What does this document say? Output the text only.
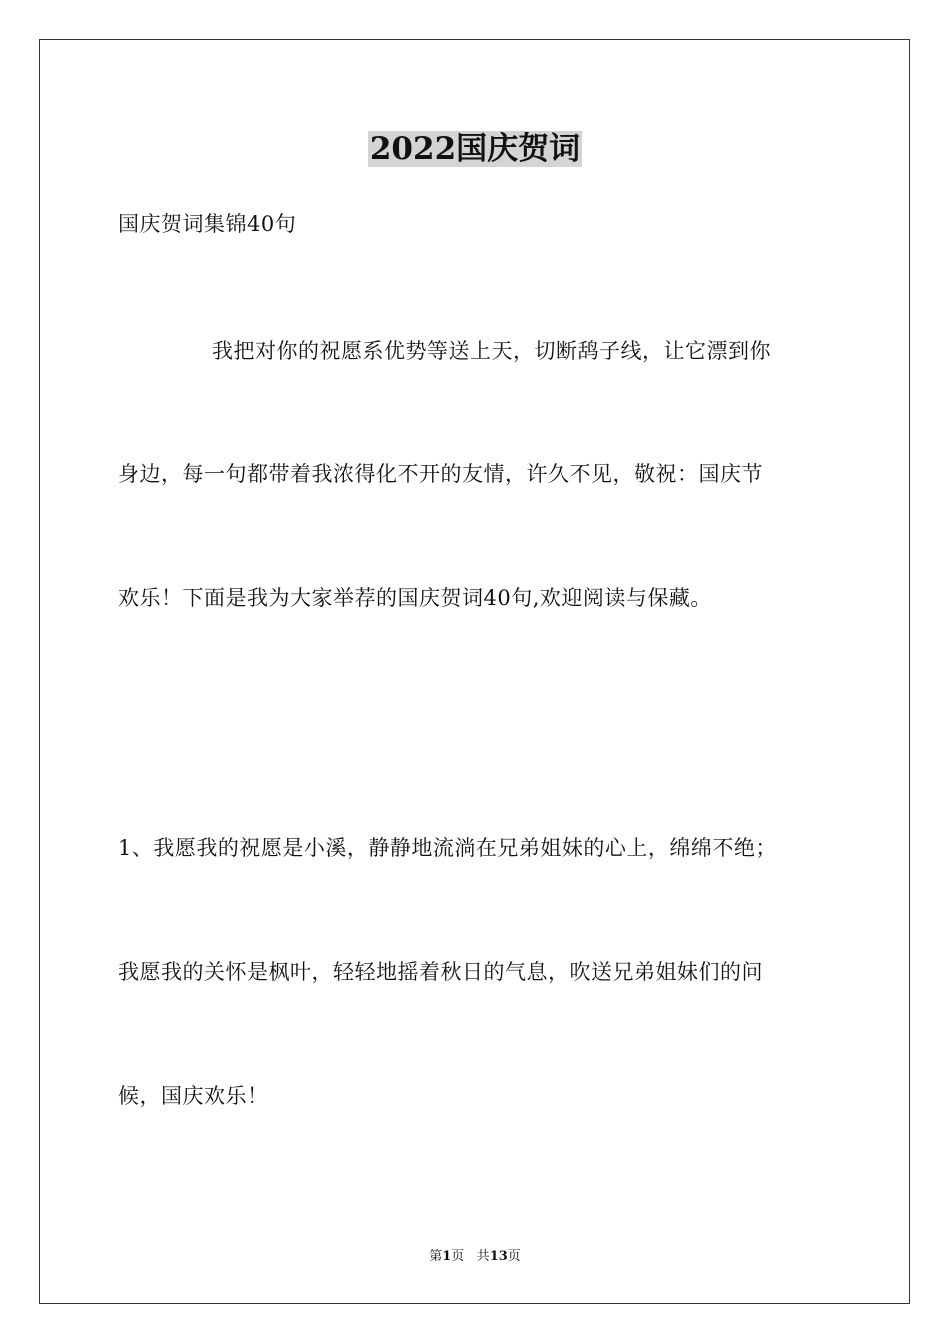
2022国庆贺词
国庆贺词集锦40句
我把对你的祝愿系优势等送上天，切断鸹子线，让它漂到你
身边，每一句都带着我浓得化不开的友情，许久不见，敬祝：国庆节
欢乐！下面是我为大家举荐的国庆贺词40句,欢迎阅读与保藏。
1、我愿我的祝愿是小溪，静静地流淌在兄弟姐妹的心上，绵绵不绝；
我愿我的关怀是枫叶，轻轻地摇着秋日的气息，吹送兄弟姐妹们的问
候，国庆欢乐！
第1页 共13页
